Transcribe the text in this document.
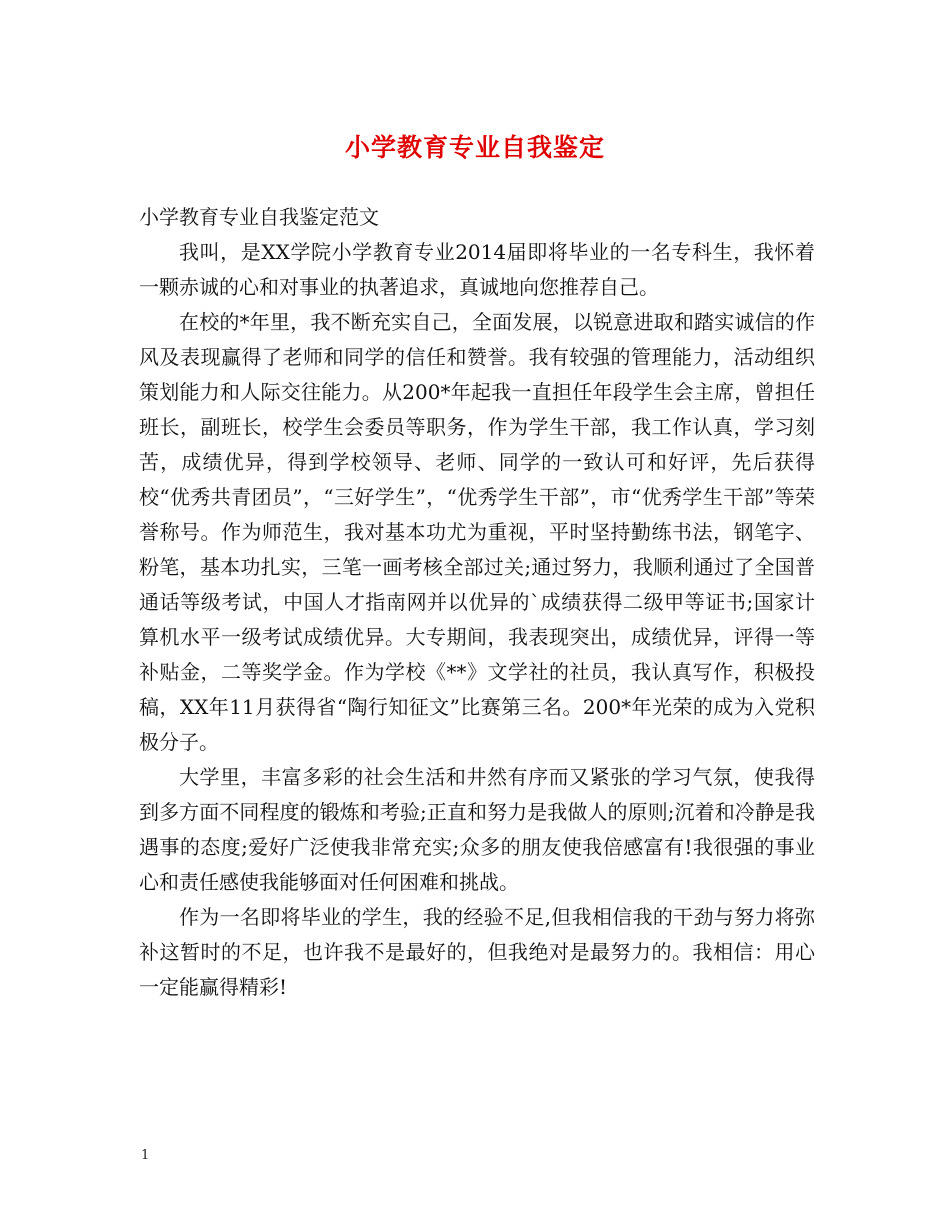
小学教育专业自我鉴定

小学教育专业自我鉴定范文

我叫，是XX学院小学教育专业2014届即将毕业的一名专科生，我怀着一颗赤诚的心和对事业的执著追求，真诚地向您推荐自己。

在校的*年里，我不断充实自己，全面发展，以锐意进取和踏实诚信的作风及表现赢得了老师和同学的信任和赞誉。我有较强的管理能力，活动组织策划能力和人际交往能力。从200*年起我一直担任年段学生会主席，曾担任班长，副班长，校学生会委员等职务，作为学生干部，我工作认真，学习刻苦，成绩优异，得到学校领导、老师、同学的一致认可和好评，先后获得校“优秀共青团员”，“三好学生”，“优秀学生干部”，市“优秀学生干部”等荣誉称号。作为师范生，我对基本功尤为重视，平时坚持勤练书法，钢笔字、粉笔，基本功扎实，三笔一画考核全部过关;通过努力，我顺利通过了全国普通话等级考试，中国人才指南网并以优异的`成绩获得二级甲等证书;国家计算机水平一级考试成绩优异。大专期间，我表现突出，成绩优异，评得一等补贴金，二等奖学金。作为学校《**》文学社的社员，我认真写作，积极投稿，XX年11月获得省“陶行知征文”比赛第三名。200*年光荣的成为入党积极分子。

大学里，丰富多彩的社会生活和井然有序而又紧张的学习气氛，使我得到多方面不同程度的锻炼和考验;正直和努力是我做人的原则;沉着和冷静是我遇事的态度;爱好广泛使我非常充实;众多的朋友使我倍感富有!我很强的事业心和责任感使我能够面对任何困难和挑战。

作为一名即将毕业的学生，我的经验不足,但我相信我的干劲与努力将弥补这暂时的不足，也许我不是最好的，但我绝对是最努力的。我相信：用心一定能赢得精彩!

1
